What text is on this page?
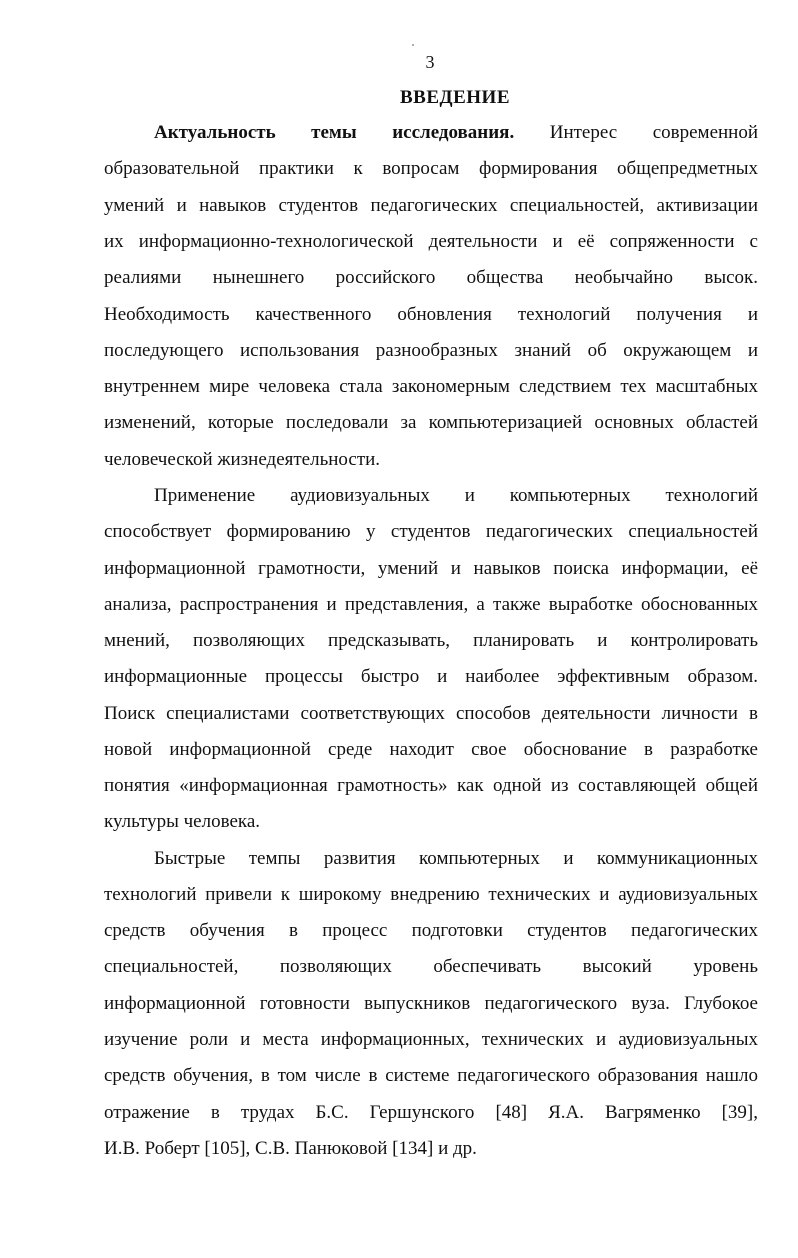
3
ВВЕДЕНИЕ
Актуальность темы исследования. Интерес современной
образовательной практики к вопросам формирования общепредметных
умений и навыков студентов педагогических специальностей, активизации
их информационно-технологической деятельности и её сопряженности с
реалиями нынешнего российского общества необычайно высок.
Необходимость качественного обновления технологий получения и
последующего использования разнообразных знаний об окружающем и
внутреннем мире человека стала закономерным следствием тех масштабных
изменений, которые последовали за компьютеризацией основных областей
человеческой жизнедеятельности.
Применение аудиовизуальных и компьютерных технологий
способствует формированию у студентов педагогических специальностей
информационной грамотности, умений и навыков поиска информации, её
анализа, распространения и представления, а также выработке обоснованных
мнений, позволяющих предсказывать, планировать и контролировать
информационные процессы быстро и наиболее эффективным образом.
Поиск специалистами соответствующих способов деятельности личности в
новой информационной среде находит свое обоснование в разработке
понятия «информационная грамотность» как одной из составляющей общей
культуры человека.
Быстрые темпы развития компьютерных и коммуникационных
технологий привели к широкому внедрению технических и аудиовизуальных
средств обучения в процесс подготовки студентов педагогических
специальностей, позволяющих обеспечивать высокий уровень
информационной готовности выпускников педагогического вуза. Глубокое
изучение роли и места информационных, технических и аудиовизуальных
средств обучения, в том числе в системе педагогического образования нашло
отражение в трудах Б.С. Гершунского [48] Я.А. Вагряменко [39],
И.В. Роберт [105], С.В. Панюковой [134] и др.
